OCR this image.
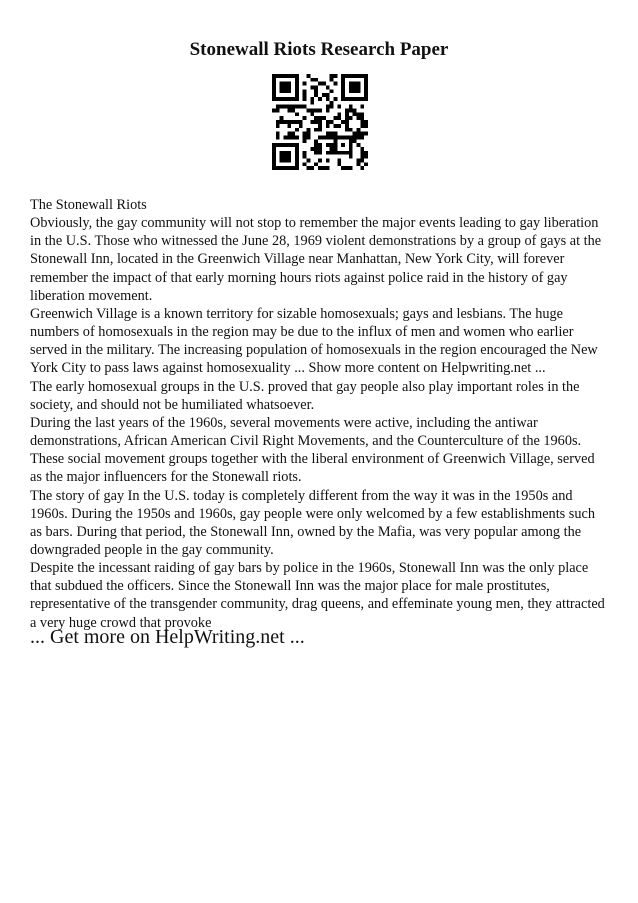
Stonewall Riots Research Paper

The Stonewall Riots

Obviously, the gay community will not stop to remember the major events leading to gay liberation in the U.S. Those who witnessed the June 28, 1969 violent demonstrations by a group of gays at the Stonewall Inn, located in the Greenwich Village near Manhattan, New York City, will forever remember the impact of that early morning hours riots against police raid in the history of gay liberation movement.

Greenwich Village is a known territory for sizable homosexuals; gays and lesbians. The huge numbers of homosexuals in the region may be due to the influx of men and women who earlier served in the military. The increasing population of homosexuals in the region encouraged the New York City to pass laws against homosexuality ... Show more content on Helpwriting.net ...

The early homosexual groups in the U.S. proved that gay people also play important roles in the society, and should not be humiliated whatsoever.

During the last years of the 1960s, several movements were active, including the antiwar demonstrations, African American Civil Right Movements, and the Counterculture of the 1960s. These social movement groups together with the liberal environment of Greenwich Village, served as the major influencers for the Stonewall riots.

The story of gay In the U.S. today is completely different from the way it was in the 1950s and 1960s. During the 1950s and 1960s, gay people were only welcomed by a few establishments such as bars. During that period, the Stonewall Inn, owned by the Mafia, was very popular among the downgraded people in the gay community.

Despite the incessant raiding of gay bars by police in the 1960s, Stonewall Inn was the only place that subdued the officers. Since the Stonewall Inn was the major place for male prostitutes, representative of the transgender community, drag queens, and effeminate young men, they attracted a very huge crowd that provoke

... Get more on HelpWriting.net ...
